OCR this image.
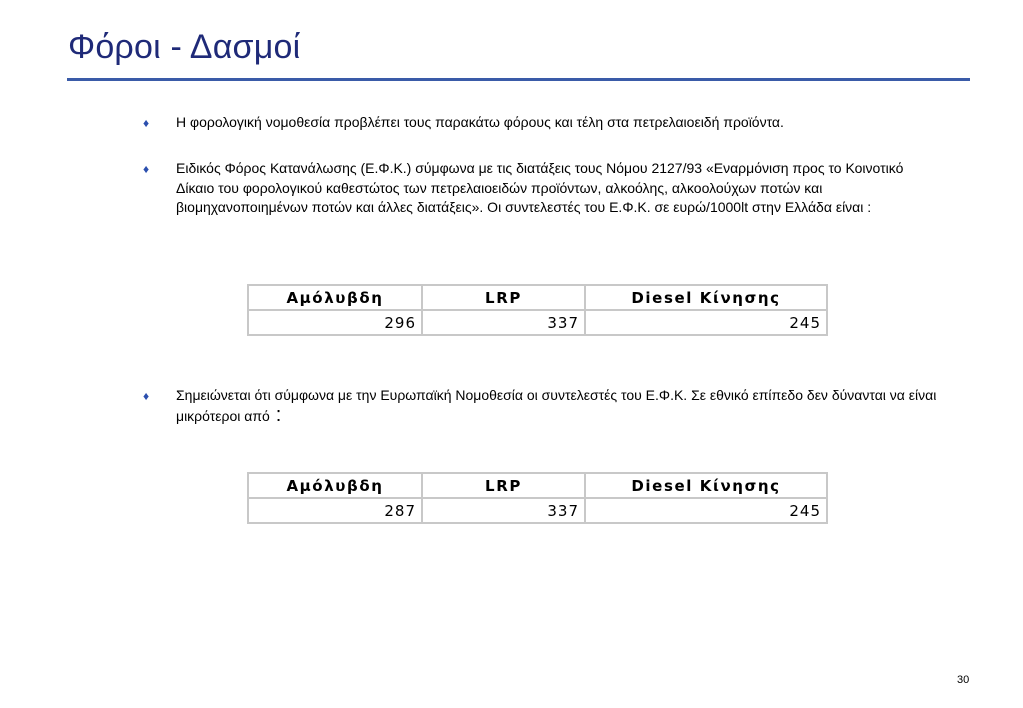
Φόροι - Δασμοί
♦ Η φορολογική νομοθεσία προβλέπει τους παρακάτω φόρους και τέλη στα πετρελαιοειδή προϊόντα.
♦ Ειδικός Φόρος Κατανάλωσης (Ε.Φ.Κ.) σύμφωνα με τις διατάξεις τους Νόμου 2127/93 «Εναρμόνιση προς το Κοινοτικό Δίκαιο του φορολογικού καθεστώτος των πετρελαιοειδών προϊόντων, αλκοόλης, αλκοολούχων ποτών και βιομηχανοποιημένων ποτών και άλλες διατάξεις». Οι συντελεστές του Ε.Φ.Κ. σε ευρώ/1000lt στην Ελλάδα είναι :
Αμόλυβδη	LRP	Diesel Κίνησης
296	337	245
♦ Σημειώνεται ότι σύμφωνα με την Ευρωπαϊκή Νομοθεσία οι συντελεστές του Ε.Φ.Κ. Σε εθνικό επίπεδο δεν δύνανται να είναι μικρότεροι από :
Αμόλυβδη	LRP	Diesel Κίνησης
287	337	245
30
